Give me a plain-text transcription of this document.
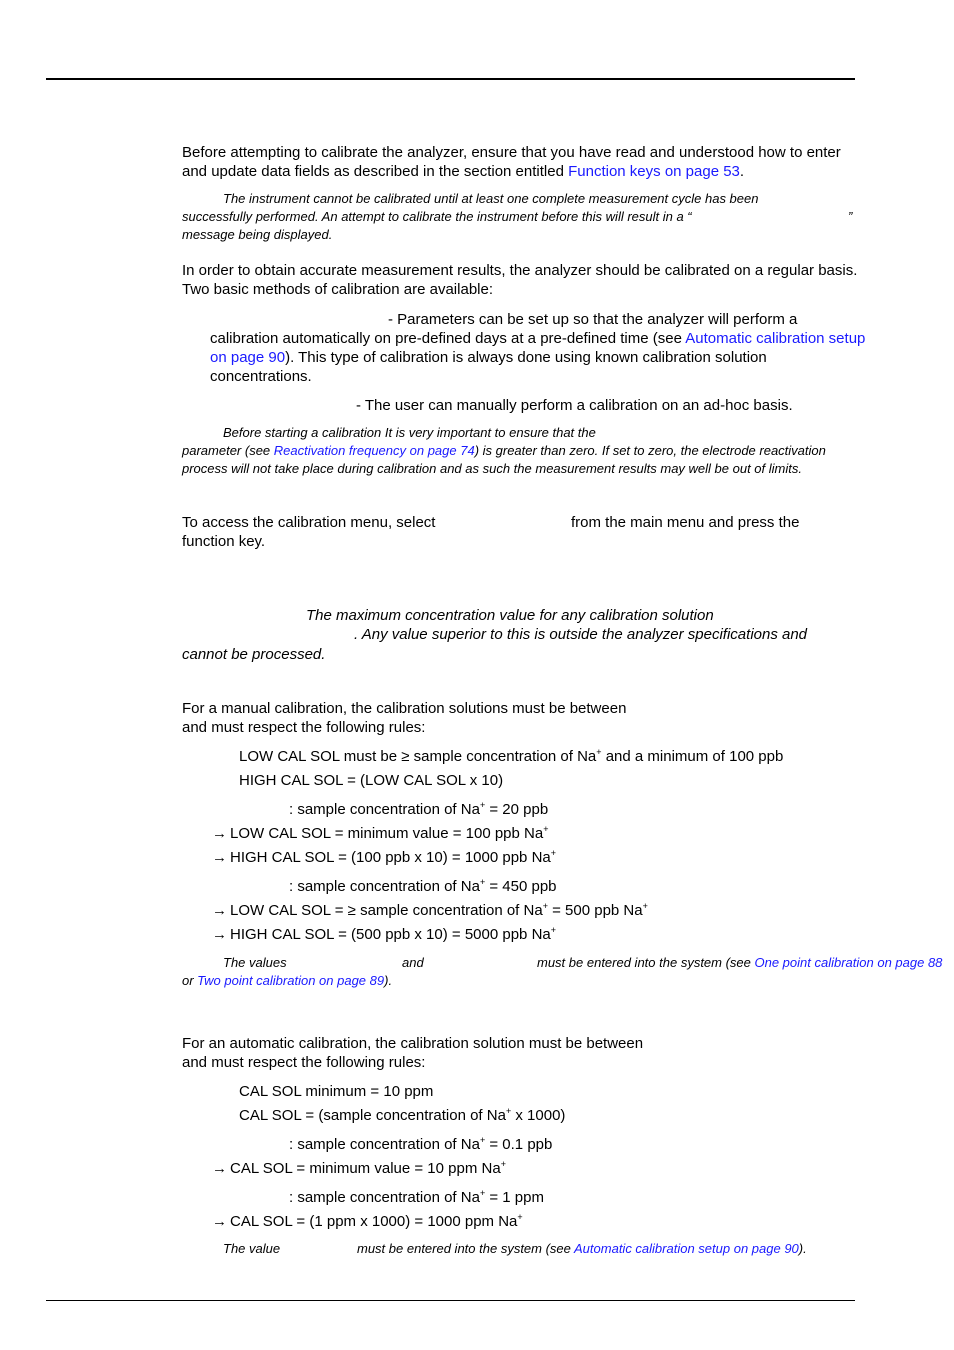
Before attempting to calibrate the analyzer, ensure that you have read and understood how to enter and update data fields as described in the section entitled Function keys on page 53.

The instrument cannot be calibrated until at least one complete measurement cycle has been
successfully performed. An attempt to calibrate the instrument before this will result in a “	”
message being displayed.

In order to obtain accurate measurement results, the analyzer should be calibrated on a regular basis. Two basic methods of calibration are available:

- Parameters can be set up so that the analyzer will perform a

calibration automatically on pre-defined days at a pre-defined time (see Automatic calibration setup on page 90). This type of calibration is always done using known calibration solution concentrations.

- The user can manually perform a calibration on an ad-hoc basis.
Before starting a calibration It is very important to ensure that the

parameter (see Reactivation frequency on page 74) is greater than zero. If set to zero, the electrode reactivation process will not take place during calibration and as such the measurement results may well be out of limits.

To access the calibration menu, select	from the main menu and press the
function key.
The maximum concentration value for any calibration solution
. Any value superior to this is outside the analyzer specifications and
cannot be processed.
For a manual calibration, the calibration solutions must be between
and must respect the following rules:
LOW CAL SOL must be ≥ sample concentration of Na+ and a minimum of 100 ppb
HIGH CAL SOL = (LOW CAL SOL x 10)
: sample concentration of Na+ = 20 ppb
→ LOW CAL SOL = minimum value = 100 ppb Na+
→ HIGH CAL SOL = (100 ppb x 10) = 1000 ppb Na+
: sample concentration of Na+ = 450 ppb
→ LOW CAL SOL = ≥ sample concentration of Na+ = 500 ppb Na+
→ HIGH CAL SOL = (500 ppb x 10) = 5000 ppb Na+
The values	and	must be entered into the system (see One point calibration on page 88
or Two point calibration on page 89).
For an automatic calibration, the calibration solution must be between
and must respect the following rules:
CAL SOL minimum = 10 ppm
CAL SOL = (sample concentration of Na+ x 1000)
: sample concentration of Na+ = 0.1 ppb
→ CAL SOL = minimum value = 10 ppm Na+
: sample concentration of Na+ = 1 ppm
→ CAL SOL = (1 ppm x 1000) = 1000 ppm Na+
The value	must be entered into the system (see Automatic calibration setup on page 90).
